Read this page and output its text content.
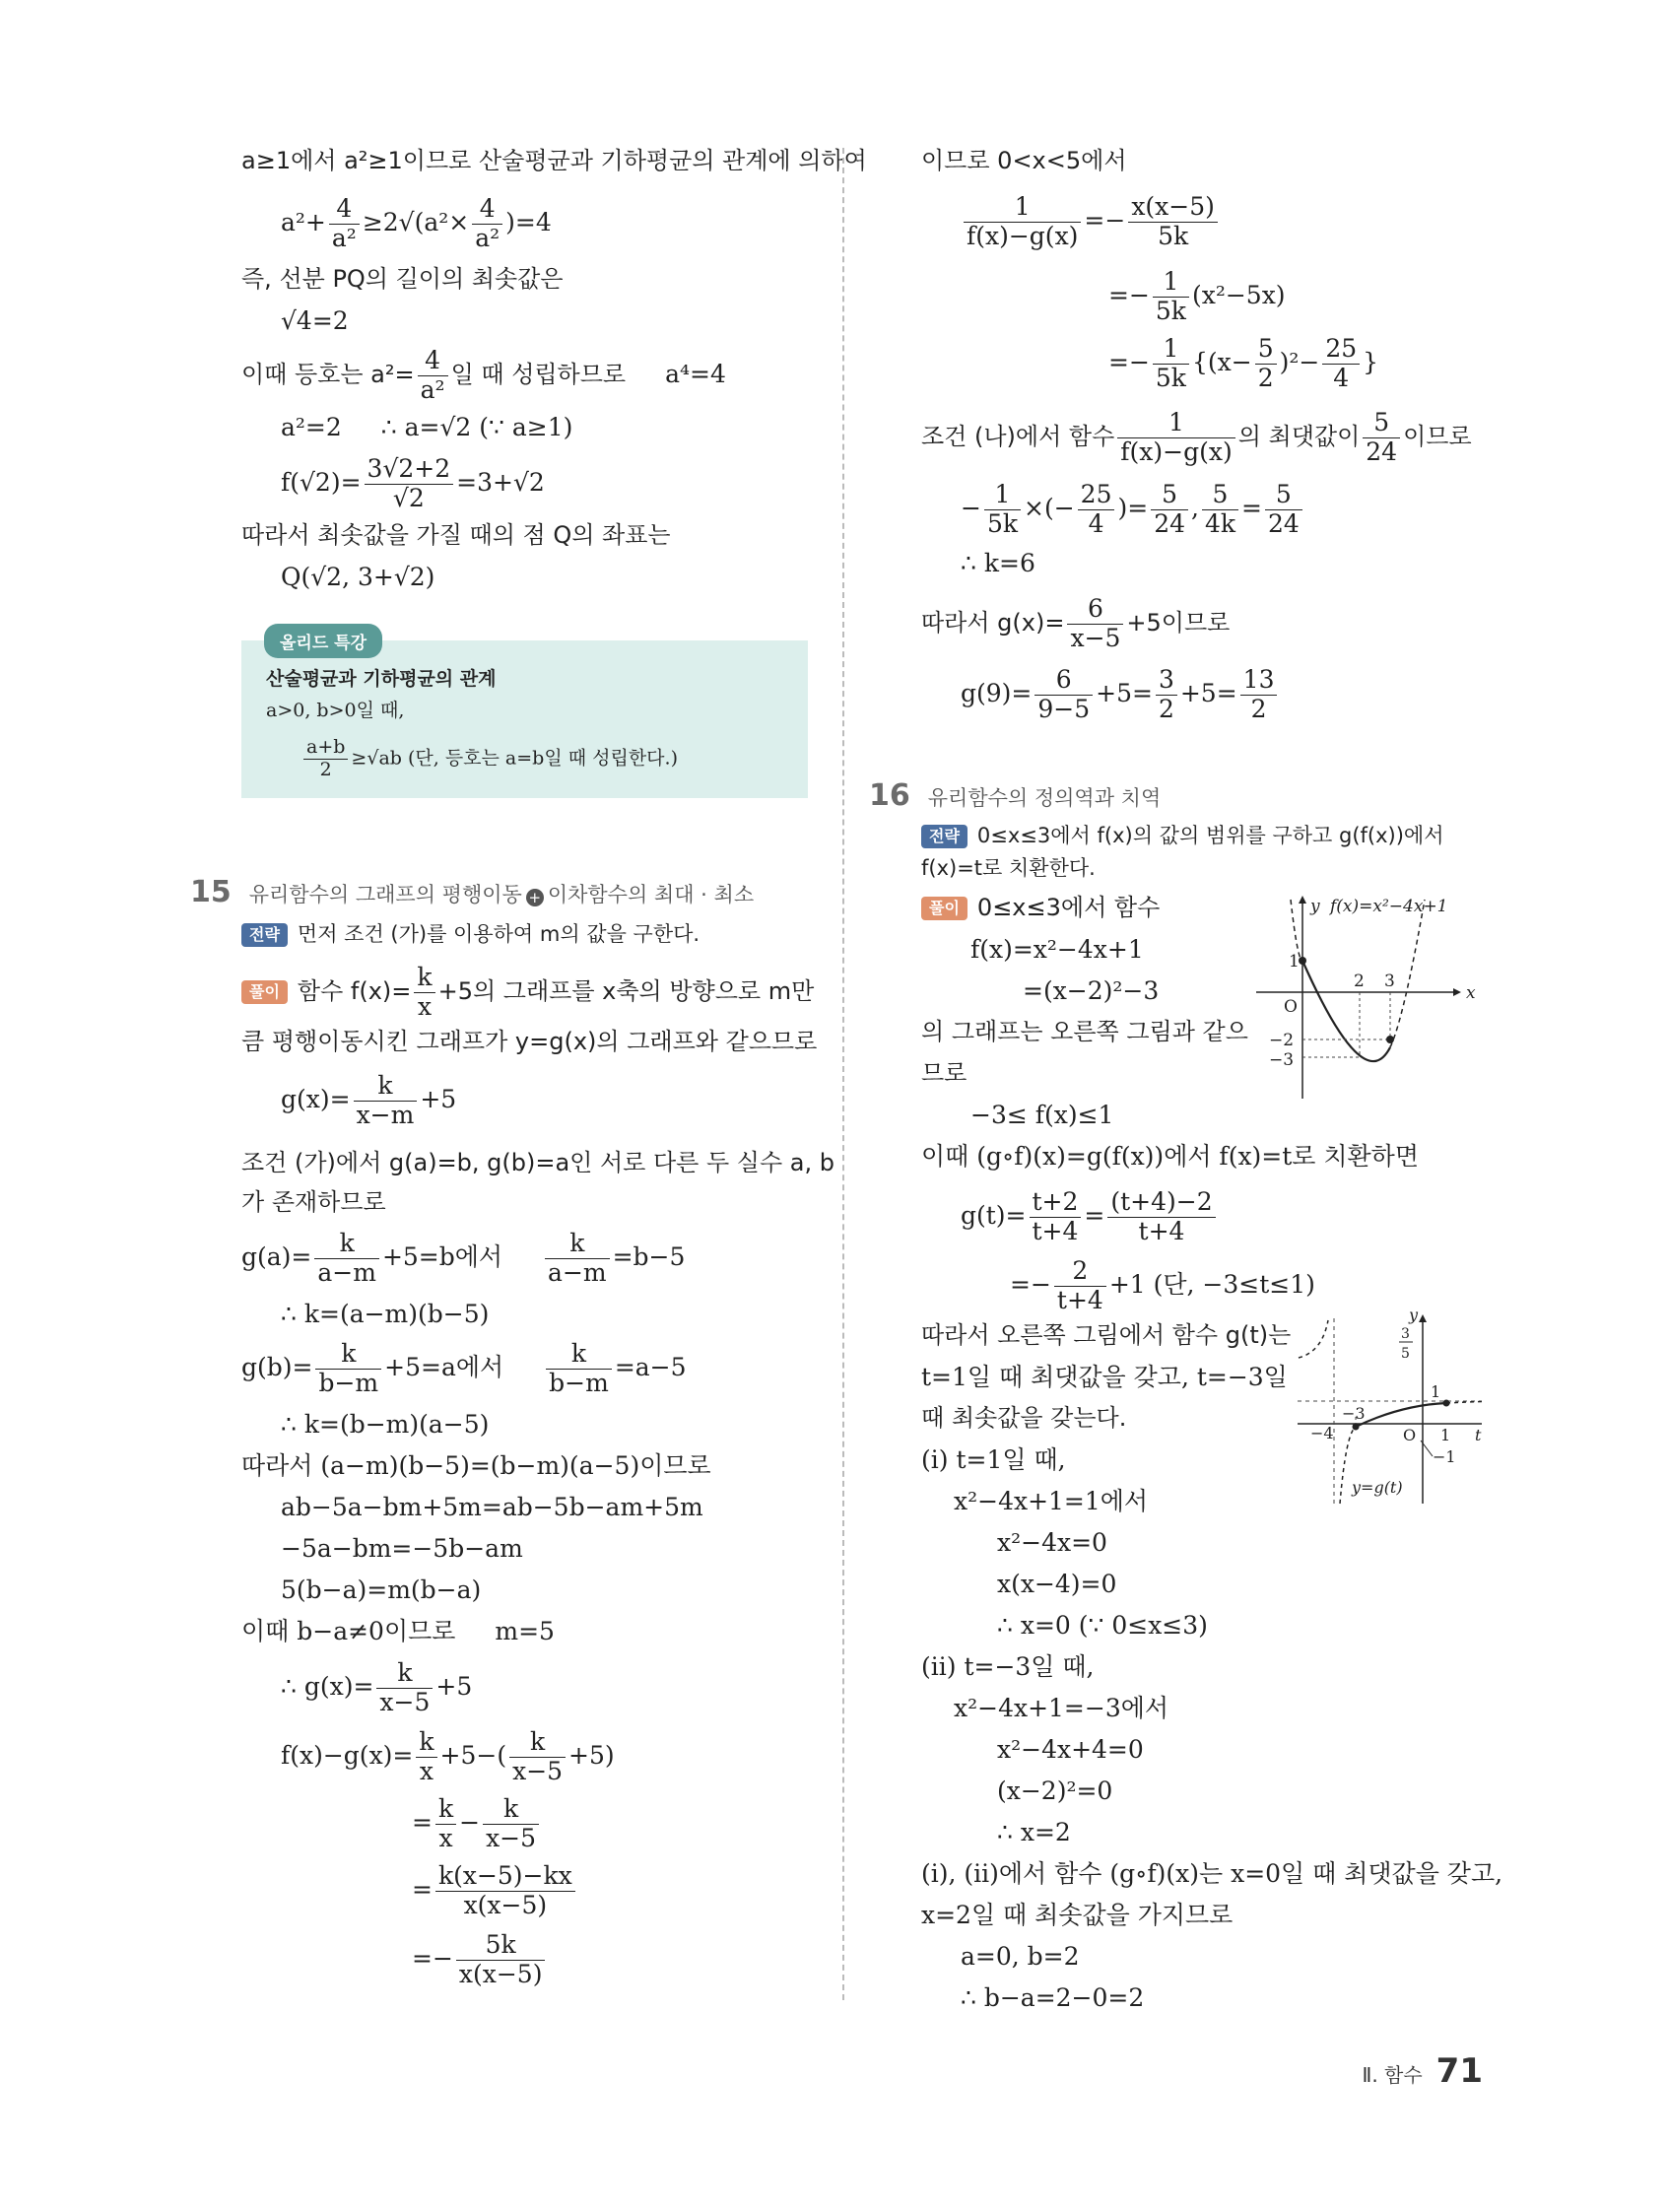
a≥1에서 a²≥1이므로 산술평균과 기하평균의 관계에 의하여
$a^2+ \frac{4}{\text{a²}} \ge 2√(a^2\times \frac{4}{\text{a²}} )=4$
즉, 선분 PQ의 길이의 최솟값은
√4=2
이때 등호는 $a^2= \frac{4}{\text{a²}}$ 일 때 성립하므로 a⁴=4
a²=2 ∴ a=√2 (∵ a≥1)
$f(√2)= \frac{3√2+2}{√2} =3+√2$
따라서 최솟값을 가질 때의 점 Q의 좌표는
Q(√2, 3+√2)
올리드 특강
산술평균과 기하평균의 관계
a>0, b>0일 때,
$\frac{a+b}{2} \ge√ab$ (단, 등호는 a=b일 때 성립한다.)
15 유리함수의 그래프의 평행이동 + 이차함수의 최대 · 최소
전략 먼저 조건 (가)를 이용하여 m의 값을 구한다.
풀이 함수 $f(x)= \frac{k}{x} +5$의 그래프를 x축의 방향으로 m만
큼 평행이동시킨 그래프가 y=g(x)의 그래프와 같으므로
$g(x)= \frac{k}{x-m} +5$
조건 (가)에서 g(a)=b, g(b)=a인 서로 다른 두 실수 a, b
가 존재하므로
$g(a)= \frac{k}{a-m} +5=b$에서 $\frac{k}{a-m} =b-5$
∴ k=(a−m)(b−5)
$g(b)= \frac{k}{b-m} +5=a$에서 $\frac{k}{b-m} =a-5$
∴ k=(b−m)(a−5)
따라서 (a−m)(b−5)=(b−m)(a−5)이므로
ab−5a−bm+5m=ab−5b−am+5m
−5a−bm=−5b−am
5(b−a)=m(b−a)
이때 b−a≠0이므로 m=5
∴ $g(x)= \frac{k}{x-5} +5$
$f(x)-g(x)= \frac{k}{x} +5-( \frac{k}{x-5} +5)$
= $\frac{k}{x} - \frac{k}{x-5}$
= $\frac{k(x-5)-kx}{x(x-5)}$
=− $\frac{5k}{x(x-5)}$
이므로 0<x<5에서
$\frac{1}{f(x)-g(x)} =- \frac{x(x-5)}{5k}$
=− $\frac{1}{5k} (x^2-5x)$
=− $\frac{1}{5k} \{(x- \frac{5}{2} )^2- \frac{25}{4}$ }
조건 (나)에서 함수 $\frac{1}{f(x)-g(x)}$ 의 최댓값이 $\frac{5}{24}$ 이므로
− $\frac{1}{5k}$ ×(− $\frac{25}{4}$ )= $\frac{5}{24}$ , $\frac{5}{4k} = \frac{5}{24}$
∴ k=6
따라서 $g(x)= \frac{6}{x-5} +5$이므로
$g(9)= \frac{6}{9-5} +5= \frac{3}{2} +5= \frac{13}{2}$
16 유리함수의 정의역과 치역
전략 0≤x≤3에서 f(x)의 값의 범위를 구하고 g(f(x))에서
f(x)=t로 치환한다.
풀이 0≤x≤3에서 함수
f(x)=x²−4x+1
=(x−2)²−3
의 그래프는 오른쪽 그림과 같으
므로
−3≤ f(x)≤1
이때 (g∘f)(x)=g(f(x))에서 f(x)=t로 치환하면
$g(t)= \frac{t+2}{t+4} = \frac{(t+4)-2}{t+4}$
=− $\frac{2}{t+4} +1$ (단, −3≤t≤1)
따라서 오른쪽 그림에서 함수 g(t)는
t=1일 때 최댓값을 갖고, t=−3일
때 최솟값을 갖는다.
(i) t=1일 때,
x²−4x+1=1에서
x²−4x=0
x(x−4)=0
∴ x=0 (∵ 0≤x≤3)
(ii) t=−3일 때,
x²−4x+1=−3에서
x²−4x+4=0
(x−2)²=0
∴ x=2
(i), (ii)에서 함수 (g∘f)(x)는 x=0일 때 최댓값을 갖고,
x=2일 때 최솟값을 가지므로
a=0, b=2
∴ b−a=2−0=2
y f(x)=x²−4x+1
x
O
1
2 3
−2
−3
y
3
5
1
−3
−4	O 1 t
−1
y=g(t)
Ⅱ. 함수 71
